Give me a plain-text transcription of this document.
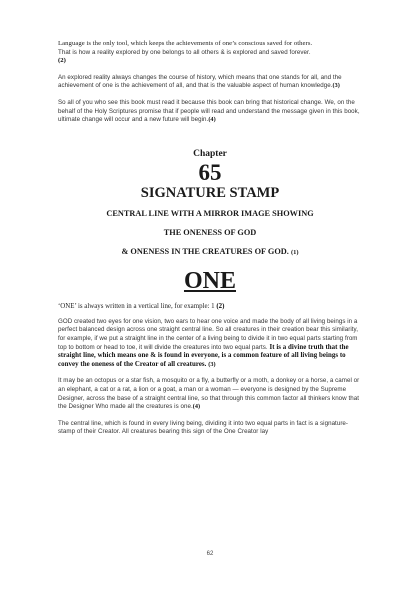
Language is the only tool, which keeps the achievements of one’s conscious saved for others.
That is how a reality explored by one belongs to all others & is explored and saved forever.
(2)

An explored reality always changes the course of history, which means that one stands for all, and the achievement of one is the achievement of all, and that is the valuable aspect of human knowledge.(3)

So all of you who see this book must read it because this book can bring that historical change. We, on the behalf of the Holy Scriptures promise that if people will read and understand the message given in this book, ultimate change will occur and a new future will begin.(4)

Chapter

65

SIGNATURE STAMP

CENTRAL LINE WITH A MIRROR IMAGE SHOWING

THE ONENESS OF GOD

& ONENESS IN THE CREATURES OF GOD. (1)

ONE

‘ONE’ is always written in a vertical line, for example: 1 (2)

GOD created two eyes for one vision, two ears to hear one voice and made the body of all living beings in a perfect balanced design across one straight central line. So all creatures in their creation bear this similarity, for example, if we put a straight line in the center of a living being to divide it in two equal parts starting from top to bottom or head to toe, it will divide the creatures into two equal parts. It is a divine truth that the straight line, which means one & is found in everyone, is a common feature of all living beings to convey the oneness of the Creator of all creatures. (3)

It may be an octopus or a star fish, a mosquito or a fly, a butterfly or a moth, a donkey or a horse, a camel or an elephant, a cat or a rat, a lion or a goat, a man or a woman — everyone is designed by the Supreme Designer, across the base of a straight central line, so that through this common factor all thinkers know that the Designer Who made all the creatures is one.(4)

The central line, which is found in every living being, dividing it into two equal parts in fact is a signature-stamp of their Creator. All creatures bearing this sign of the One Creator lay

62
